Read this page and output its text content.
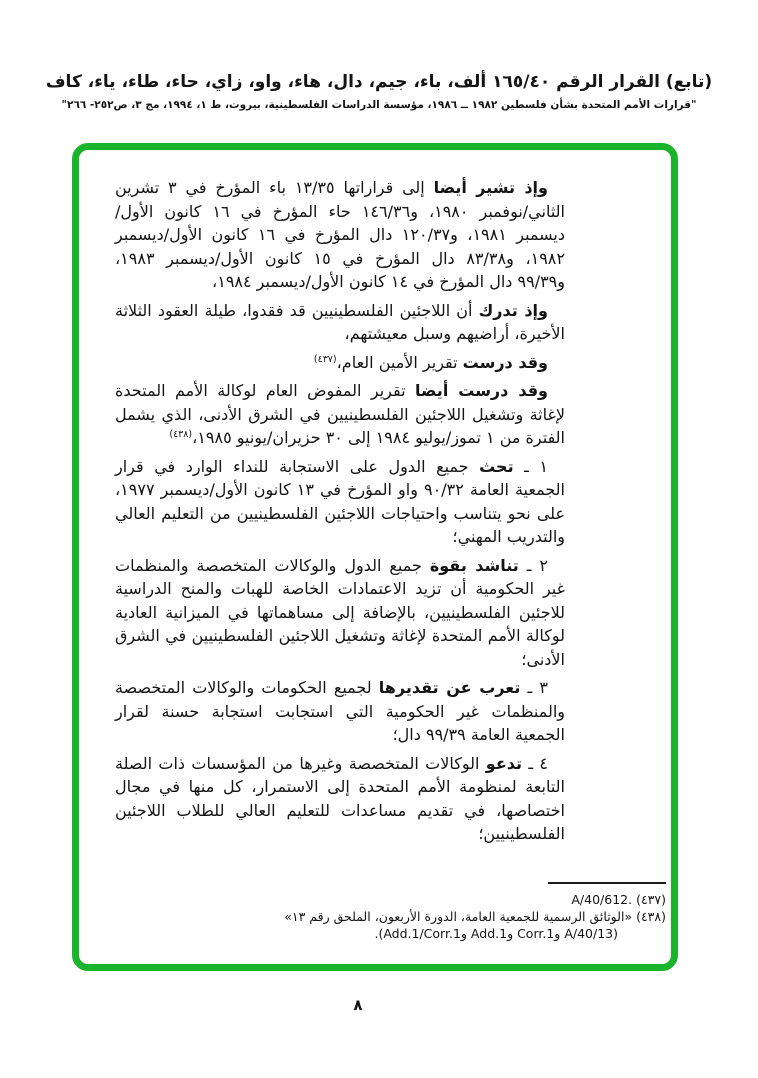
(تابع) القرار الرقم ١٦٥/٤٠ ألف، باء، جيم، دال، هاء، واو، زاي، حاء، طاء، ياء، كاف
"قرارات الأمم المتحدة بشأن فلسطين ١٩٨٢ ــ ١٩٨٦، مؤسسة الدراسات الفلسطينية، بيروت، ط ١، ١٩٩٤، مج ٣، ص٢٥٢- ٢٦٦"

وإذ تشير أيضا إلى قراراتها ١٣/٣٥ باء المؤرخ في ٣ تشرين الثاني/نوفمبر ١٩٨٠، و١٤٦/٣٦ حاء المؤرخ في ١٦ كانون الأول/ديسمبر ١٩٨١، و١٢٠/٣٧ دال المؤرخ في ١٦ كانون الأول/ديسمبر ١٩٨٢، و٨٣/٣٨ دال المؤرخ في ١٥ كانون الأول/ديسمبر ١٩٨٣، و٩٩/٣٩ دال المؤرخ في ١٤ كانون الأول/ديسمبر ١٩٨٤،

وإذ تدرك أن اللاجئين الفلسطينيين قد فقدوا، طيلة العقود الثلاثة الأخيرة، أراضيهم وسبل معيشتهم،

وقد درست تقرير الأمين العام،$^{(٤٣٧)}$

وقد درست أيضا تقرير المفوض العام لوكالة الأمم المتحدة لإغاثة وتشغيل اللاجئين الفلسطينيين في الشرق الأدنى، الذي يشمل الفترة من ١ تموز/يوليو ١٩٨٤ إلى ٣٠ حزيران/يونيو ١٩٨٥،$^{(٤٣٨)}$

١ ـ تحث جميع الدول على الاستجابة للنداء الوارد في قرار الجمعية العامة ٩٠/٣٢ واو المؤرخ في ١٣ كانون الأول/ديسمبر ١٩٧٧، على نحو يتناسب واحتياجات اللاجئين الفلسطينيين من التعليم العالي والتدريب المهني؛

٢ ـ تناشد بقوة جميع الدول والوكالات المتخصصة والمنظمات غير الحكومية أن تزيد الاعتمادات الخاصة للهبات والمنح الدراسية للاجئين الفلسطينيين، بالإضافة إلى مساهماتها في الميزانية العادية لوكالة الأمم المتحدة لإغاثة وتشغيل اللاجئين الفلسطينيين في الشرق الأدنى؛

٣ ـ تعرب عن تقديرها لجميع الحكومات والوكالات المتخصصة والمنظمات غير الحكومية التي استجابت استجابة حسنة لقرار الجمعية العامة ٩٩/٣٩ دال؛

٤ ـ تدعو الوكالات المتخصصة وغيرها من المؤسسات ذات الصلة التابعة لمنظومة الأمم المتحدة إلى الاستمرار، كل منها في مجال اختصاصها، في تقديم مساعدات للتعليم العالي للطلاب اللاجئين الفلسطينيين؛

(٤٣٧) A/40/612.
(٤٣٨) «الوثائق الرسمية للجمعية العامة، الدورة الأربعون، الملحق رقم ١٣»
(A/40/13 وCorr.1 وAdd.1 وAdd.1/Corr.1).
٨
